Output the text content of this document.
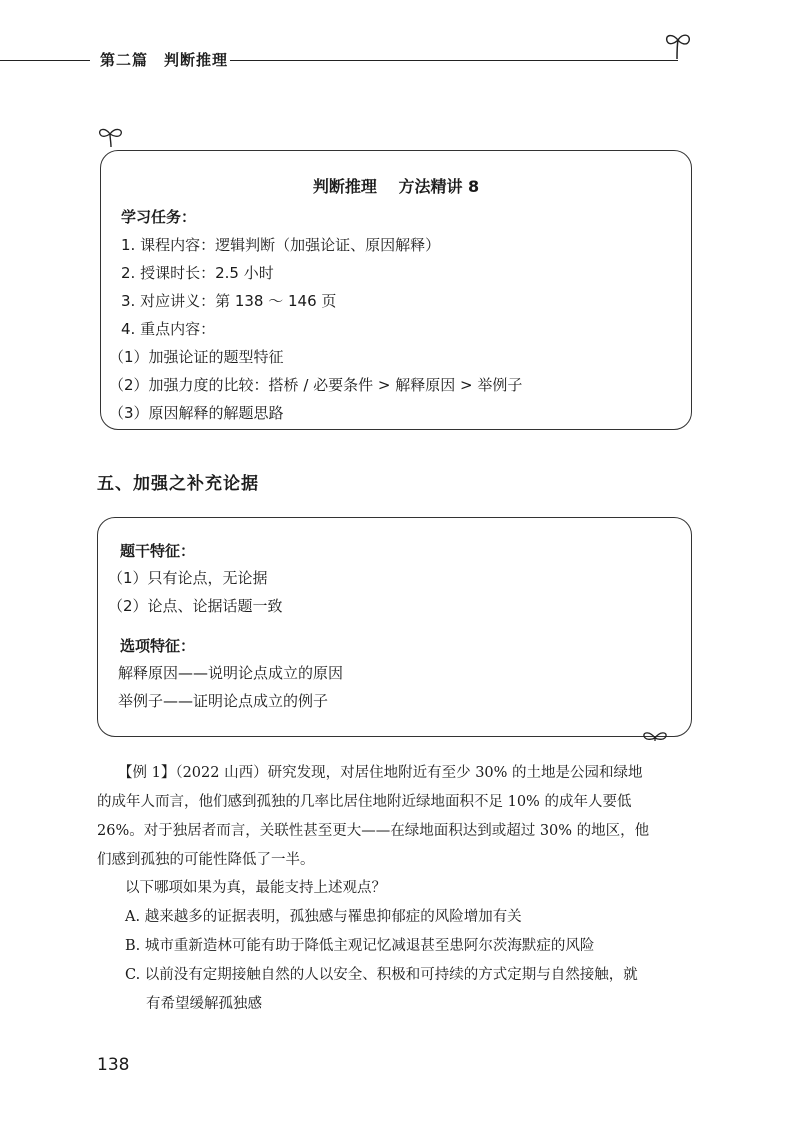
第二篇　判断推理
判断推理 方法精讲 8
学习任务：
1. 课程内容：逻辑判断（加强论证、原因解释）
2. 授课时长：2.5 小时
3. 对应讲义：第 138 ～ 146 页
4. 重点内容：
（1）加强论证的题型特征
（2）加强力度的比较：搭桥 / 必要条件 > 解释原因 > 举例子
（3）原因解释的解题思路
五、加强之补充论据
题干特征：
（1）只有论点，无论据
（2）论点、论据话题一致
选项特征：
解释原因——说明论点成立的原因
举例子——证明论点成立的例子
【例 1】（2022 山西）研究发现，对居住地附近有至少 30% 的土地是公园和绿地
的成年人而言，他们感到孤独的几率比居住地附近绿地面积不足 10% 的成年人要低
26%。对于独居者而言，关联性甚至更大——在绿地面积达到或超过 30% 的地区，他
们感到孤独的可能性降低了一半。
以下哪项如果为真，最能支持上述观点？
A. 越来越多的证据表明，孤独感与罹患抑郁症的风险增加有关
B. 城市重新造林可能有助于降低主观记忆减退甚至患阿尔茨海默症的风险
C. 以前没有定期接触自然的人以安全、积极和可持续的方式定期与自然接触，就
有希望缓解孤独感
138
